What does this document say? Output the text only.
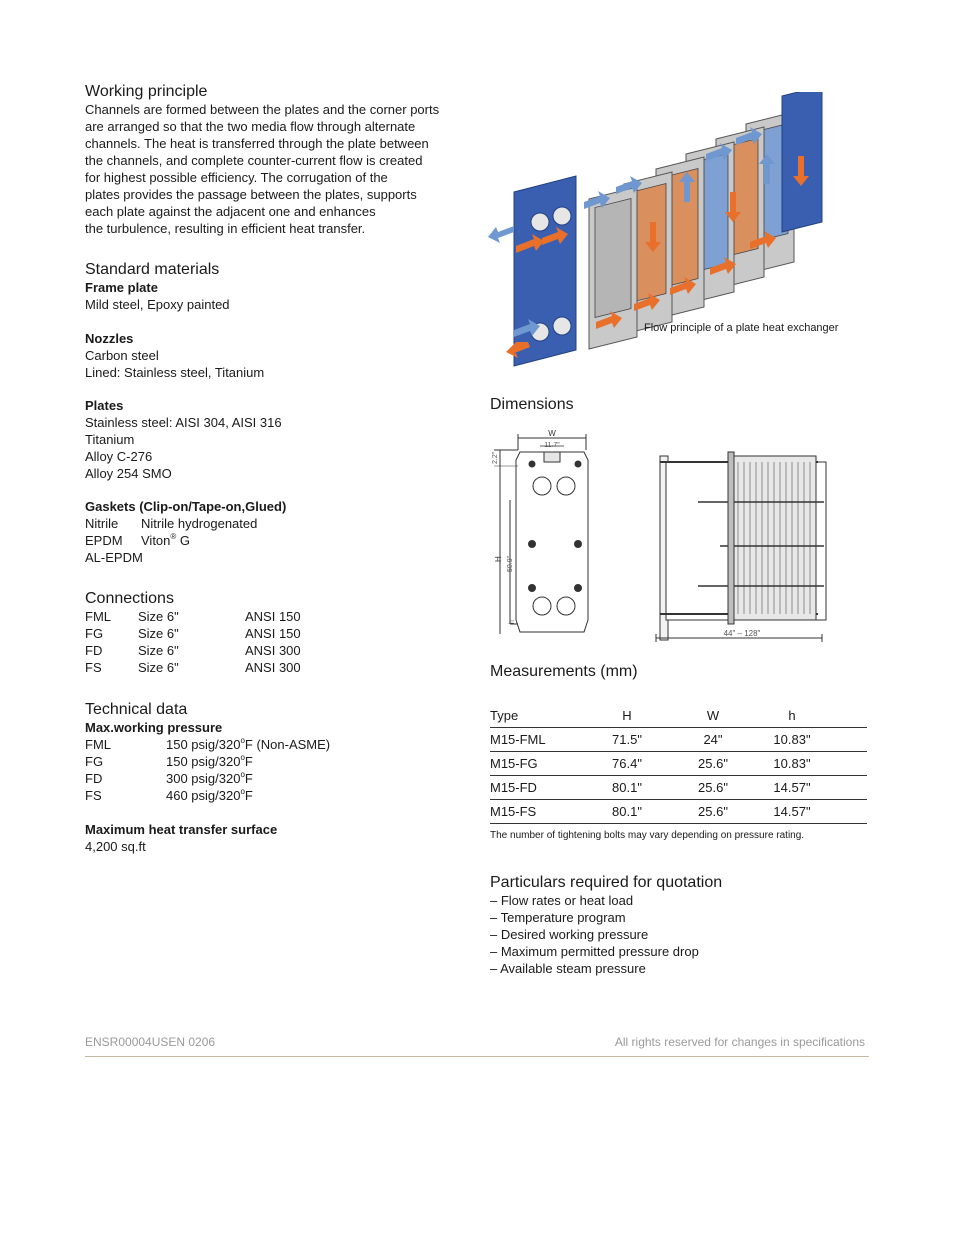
Working principle

Channels are formed between the plates and the corner ports

are arranged so that the two media flow through alternate

channels. The heat is transferred through the plate between

the channels, and complete counter-current flow is created

for highest possible efficiency. The corrugation of the

plates provides the passage between the plates, supports

each plate against the adjacent one and enhances

the turbulence, resulting in efficient heat transfer.

Standard materials

Frame plate

Mild steel, Epoxy painted

Nozzles

Carbon steel

Lined: Stainless steel, Titanium

Plates

Stainless steel: AISI 304, AISI 316

Titanium

Alloy C-276

Alloy 254 SMO

Gaskets (Clip-on/Tape-on,Glued)

Nitrile	Nitrile hydrogenated
EPDM	Viton ® G

AL-EPDM

Connections
FML	Size 6"	ANSI 150
FG	Size 6"	ANSI 150
FD	Size 6"	ANSI 300
FS	Size 6"	ANSI 300
Technical data

Max.working pressure

FML	150 psig/320 o F (Non-ASME)
FG	150 psig/320 o F
FD	300 psig/320 o F
FS	460 psig/320 o F

Maximum heat transfer surface

4,200 sq.ft

Flow principle of a plate heat exchanger
Dimensions
W
11.7"
2.2"
H 50.9"
h
44" – 128"
Measurements (mm)
Type	H	W	h	
M15-FML	71.5"	24"	10.83"	
M15-FG	76.4"	25.6"	10.83"	
M15-FD	80.1"	25.6"	14.57"	
M15-FS	80.1"	25.6"	14.57"	

The number of tightening bolts may vary depending on pressure rating.

Particulars required for quotation

– Flow rates or heat load

– Temperature program

– Desired working pressure

– Maximum permitted pressure drop

– Available steam pressure

ENSR00004USEN 0206	All rights reserved for changes in specifications
